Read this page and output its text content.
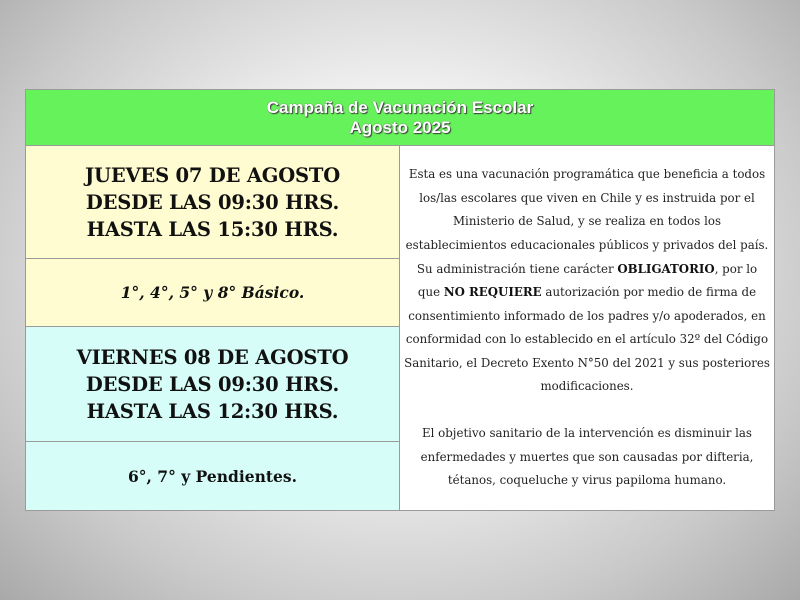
Campaña de Vacunación Escolar
Agosto 2025
JUEVES 07 DE AGOSTO
DESDE LAS 09:30 HRS.
HASTA LAS 15:30 HRS.
1°, 4°, 5° y 8° Básico.
VIERNES 08 DE AGOSTO
DESDE LAS 09:30 HRS.
HASTA LAS 12:30 HRS.
6°, 7° y Pendientes.

Esta es una vacunación programática que beneficia a todos los/las escolares que viven en Chile y es instruida por el Ministerio de Salud, y se realiza en todos los establecimientos educacionales públicos y privados del país. Su administración tiene carácter OBLIGATORIO, por lo que NO REQUIERE autorización por medio de firma de consentimiento informado de los padres y/o apoderados, en conformidad con lo establecido en el artículo 32º del Código Sanitario, el Decreto Exento N°50 del 2021 y sus posteriores modificaciones.

El objetivo sanitario de la intervención es disminuir las enfermedades y muertes que son causadas por difteria, tétanos, coqueluche y virus papiloma humano.
